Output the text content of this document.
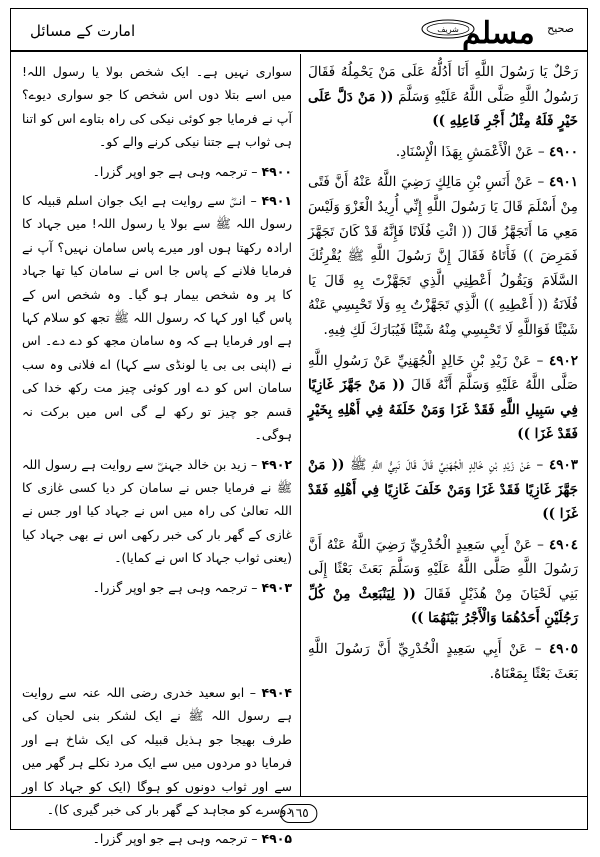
$^{صحیح}$ مسلم
شریف
امارت کے مسائل

رَحْلٌ يَا رَسُولَ اللَّهِ أَنَا أَدُلُّهُ عَلَى مَنْ يَحْمِلُهُ فَقَالَ رَسُولُ اللَّهِ صَلَّى اللَّهُ عَلَيْهِ وَسَلَّمَ (( مَنْ دَلَّ عَلَى خَيْرٍ فَلَهُ مِثْلُ أَجْرِ فَاعِلِهِ ))

٤٩٠٠ – عَنْ الْأَعْمَشِ بِهَذَا الْإِسْنَادِ.

٤٩٠١ – عَنْ أَنَسِ بْنِ مَالِكٍ رَضِيَ اللَّهُ عَنْهُ أَنَّ فَتًى مِنْ أَسْلَمَ قَالَ يَا رَسُولَ اللَّهِ إِنِّي أُرِيدُ الْغَزْوَ وَلَيْسَ مَعِي مَا أَتَجَهَّزُ قَالَ (( ائْتِ فُلَانًا فَإِنَّهُ قَدْ كَانَ تَجَهَّزَ فَمَرِضَ )) فَأَتَاهُ فَقَالَ إِنَّ رَسُولَ اللَّهِ ﷺ يُقْرِئُكَ السَّلَامَ وَيَقُولُ أَعْطِنِي الَّذِي تَجَهَّزْتَ بِهِ قَالَ يَا فُلَانَةُ (( أَعْطِيهِ )) الَّذِي تَجَهَّزْتُ بِهِ وَلَا تَحْبِسِي عَنْهُ شَيْئًا فَوَاللَّهِ لَا تَحْبِسِي مِنْهُ شَيْئًا فَيُبَارَكَ لَكِ فِيهِ.

٤٩٠٢ – عَنْ زَيْدِ بْنِ خَالِدٍ الْجُهَنِيِّ عَنْ رَسُولِ اللَّهِ صَلَّى اللَّهُ عَلَيْهِ وَسَلَّمَ أَنَّهُ قَالَ (( مَنْ جَهَّزَ غَازِيًا فِي سَبِيلِ اللَّهِ فَقَدْ غَزَا وَمَنْ خَلَفَهُ فِي أَهْلِهِ بِخَيْرٍ فَقَدْ غَزَا ))

٤٩٠٣ – عَنْ زَيْدِ بْنِ خَالِدٍ الْجُهَنِيِّ قَالَ قَالَ نَبِيُّ اللَّهِ ﷺ (( مَنْ جَهَّزَ غَازِيًا فَقَدْ غَزَا وَمَنْ خَلَفَ غَازِيًا فِي أَهْلِهِ فَقَدْ غَزَا ))

٤٩٠٤ – عَنْ أَبِي سَعِيدٍ الْخُدْرِيِّ رَضِيَ اللَّهُ عَنْهُ أَنَّ رَسُولَ اللَّهِ صَلَّى اللَّهُ عَلَيْهِ وَسَلَّمَ بَعَثَ بَعْثًا إِلَى بَنِي لَحْيَانَ مِنْ هُذَيْلٍ فَقَالَ (( لِيَنْبَعِثْ مِنْ كُلِّ رَجُلَيْنِ أَحَدُهُمَا وَالْأَجْرُ بَيْنَهُمَا ))

٤٩٠٥ – عَنْ أَبِي سَعِيدٍ الْخُدْرِيِّ أَنَّ رَسُولَ اللَّهِ بَعَثَ بَعْثًا بِمَعْنَاهُ.

سواری نہیں ہے۔ ایک شخص بولا یا رسول اللہ! میں اسے بتلا دوں اس شخص کا جو سواری دیوے؟ آپ نے فرمایا جو کوئی نیکی کی راہ بتاوے اس کو اتنا ہی ثواب ہے جتنا نیکی کرنے والے کو۔

۴۹۰۰ – ترجمہ وہی ہے جو اوپر گزرا۔

۴۹۰۱ – انسؓ سے روایت ہے ایک جوان اسلم قبیلہ کا رسول اللہ ﷺ سے بولا یا رسول اللہ! میں جہاد کا ارادہ رکھتا ہوں اور میرے پاس سامان نہیں؟ آپ نے فرمایا فلانے کے پاس جا اس نے سامان کیا تھا جہاد کا پر وہ شخص بیمار ہو گیا۔ وہ شخص اس کے پاس گیا اور کہا کہ رسول اللہ ﷺ تجھ کو سلام کہا ہے اور فرمایا ہے کہ وہ سامان مجھ کو دے دے۔ اس نے (اپنی بی بی یا لونڈی سے کہا) اے فلانی وہ سب سامان اس کو دے اور کوئی چیز مت رکھ خدا کی قسم جو چیز تو رکھ لے گی اس میں برکت نہ ہوگی۔

۴۹۰۲ – زید بن خالد جہنیؓ سے روایت ہے رسول اللہ ﷺ نے فرمایا جس نے سامان کر دیا کسی غازی کا اللہ تعالیٰ کی راہ میں اس نے جہاد کیا اور جس نے غازی کے گھر بار کی خبر رکھی اس نے بھی جہاد کیا (یعنی ثواب جہاد کا اس نے کمایا)۔

۴۹۰۳ – ترجمہ وہی ہے جو اوپر گزرا۔

۴۹۰۴ – ابو سعید خدری رضی اللہ عنہ سے روایت ہے رسول اللہ ﷺ نے ایک لشکر بنی لحیان کی طرف بھیجا جو ہذیل قبیلہ کی ایک شاخ ہے اور فرمایا دو مردوں میں سے ایک مرد نکلے ہر گھر میں سے اور ثواب دونوں کو ہوگا (ایک کو جہاد کا اور دوسرے کو مجاہد کے گھر بار کی خبر گیری کا)۔

۴۹۰۵ – ترجمہ وہی ہے جو اوپر گزرا۔

١٦٥
